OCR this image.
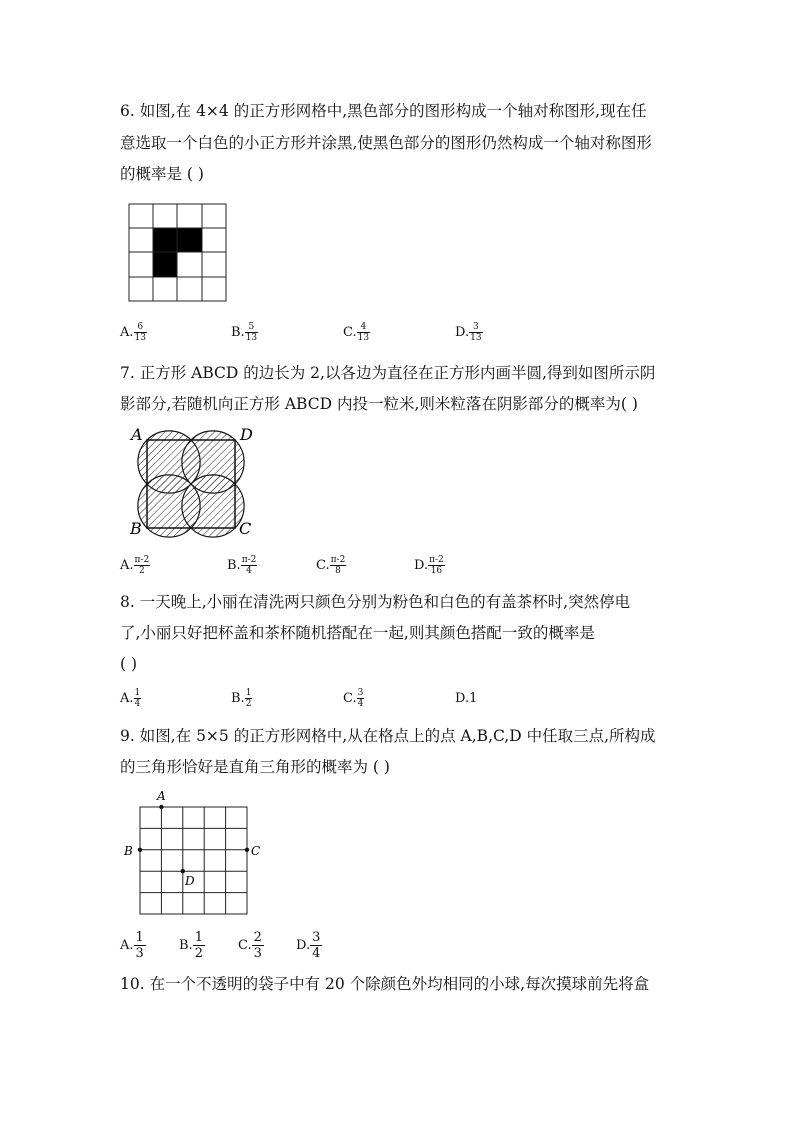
6. 如图,在 4×4 的正方形网格中,黑色部分的图形构成一个轴对称图形,现在任
意选取一个白色的小正方形并涂黑,使黑色部分的图形仍然构成一个轴对称图形
的概率是 ( )
A. $\frac{6}{13}$	B. $\frac{5}{13}$	C. $\frac{4}{13}$	D. $\frac{3}{13}$
7. 正方形 ABCD 的边长为 2,以各边为直径在正方形内画半圆,得到如图所示阴
影部分,若随机向正方形 ABCD 内投一粒米,则米粒落在阴影部分的概率为( )
A	D
B	C
A. $\frac{\pi-2}{2}$	B. $\frac{\pi-2}{4}$	C. $\frac{\pi-2}{8}$	D. $\frac{\pi-2}{16}$
8. 一天晚上,小丽在清洗两只颜色分别为粉色和白色的有盖茶杯时,突然停电
了,小丽只好把杯盖和茶杯随机搭配在一起,则其颜色搭配一致的概率是
( )
A. $\frac{1}{4}$	B. $\frac{1}{2}$	C. $\frac{3}{4}$	D.1
9. 如图,在 5×5 的正方形网格中,从在格点上的点 A,B,C,D 中任取三点,所构成
的三角形恰好是直角三角形的概率为 ( )
A
B	C
D
A. $\frac{1}{3}$	B. $\frac{1}{2}$	C. $\frac{2}{3} D$. $\frac{3}{4}$
10. 在一个不透明的袋子中有 20 个除颜色外均相同的小球,每次摸球前先将盒
